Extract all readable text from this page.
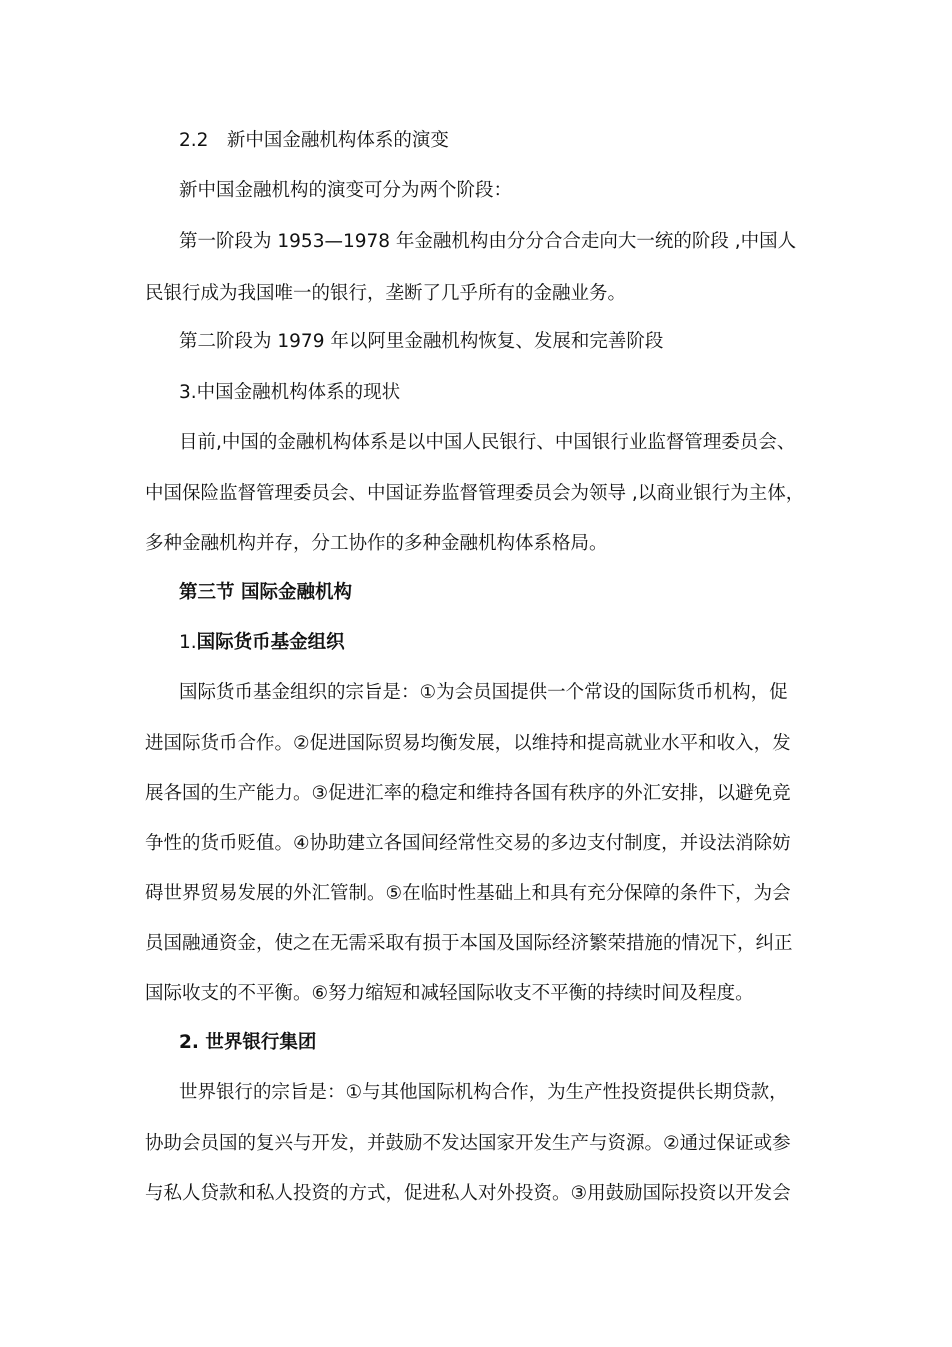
2.2　新中国金融机构体系的演变
新中国金融机构的演变可分为两个阶段：
第一阶段为 1953—1978 年金融机构由分分合合走向大一统的阶段 ,中国人
民银行成为我国唯一的银行，垄断了几乎所有的金融业务。
第二阶段为 1979 年以阿里金融机构恢复、发展和完善阶段
3.中国金融机构体系的现状
目前,中国的金融机构体系是以中国人民银行、中国银行业监督管理委员会、
中国保险监督管理委员会、中国证券监督管理委员会为领导 ,以商业银行为主体，
多种金融机构并存，分工协作的多种金融机构体系格局。
第三节 国际金融机构
1.国际货币基金组织
国际货币基金组织的宗旨是：①为会员国提供一个常设的国际货币机构，促
进国际货币合作。②促进国际贸易均衡发展，以维持和提高就业水平和收入，发
展各国的生产能力。③促进汇率的稳定和维持各国有秩序的外汇安排，以避免竞
争性的货币贬值。④协助建立各国间经常性交易的多边支付制度，并设法消除妨
碍世界贸易发展的外汇管制。⑤在临时性基础上和具有充分保障的条件下，为会
员国融通资金，使之在无需采取有损于本国及国际经济繁荣措施的情况下，纠正
国际收支的不平衡。⑥努力缩短和减轻国际收支不平衡的持续时间及程度。
2. 世界银行集团
世界银行的宗旨是：①与其他国际机构合作，为生产性投资提供长期贷款，
协助会员国的复兴与开发，并鼓励不发达国家开发生产与资源。②通过保证或参
与私人贷款和私人投资的方式，促进私人对外投资。③用鼓励国际投资以开发会
